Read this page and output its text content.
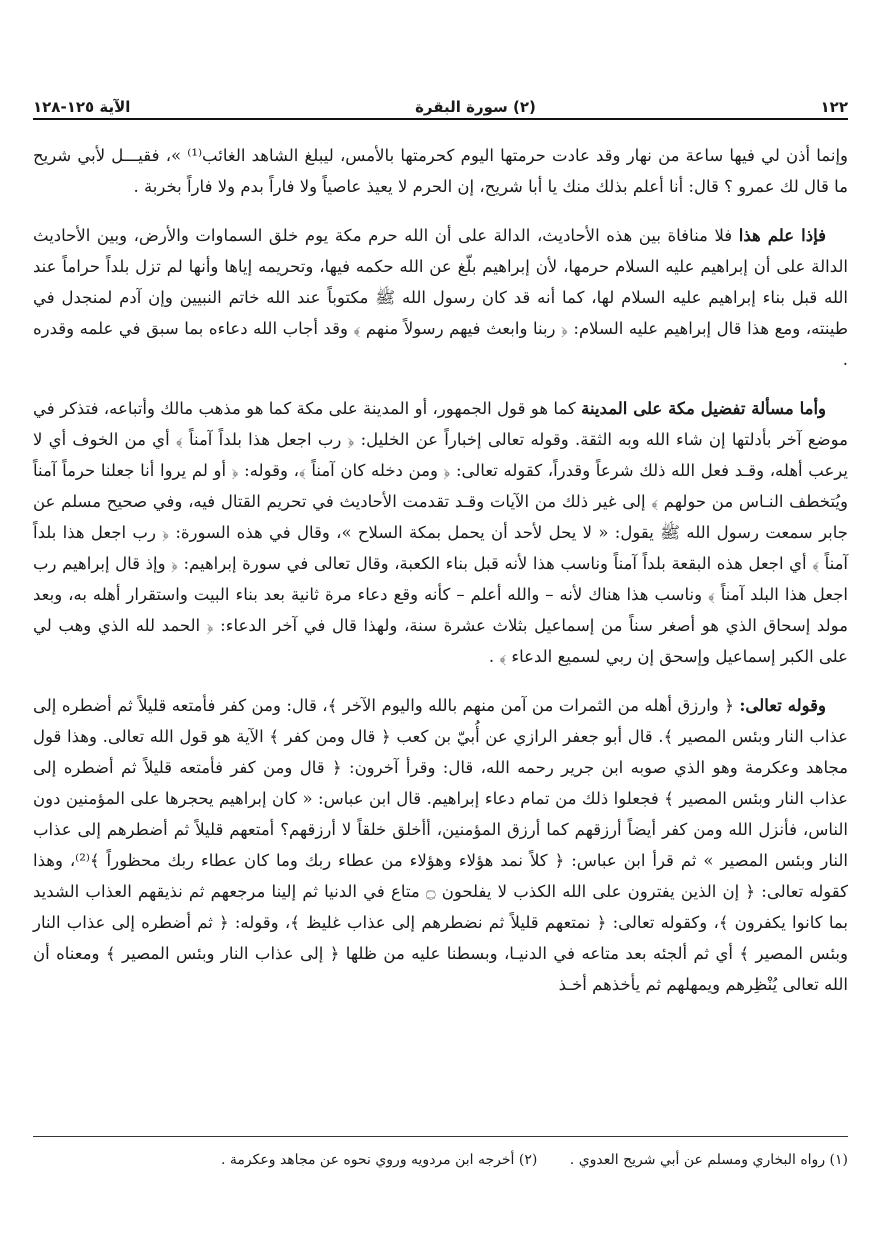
١٢٢
(٢) سورة البقرة
الآية ١٢٥-١٢٨

وإنما أذن لي فيها ساعة من نهار وقد عادت حرمتها اليوم كحرمتها بالأمس، ليبلغ الشاهد الغائب⁽¹⁾ »، فقيـــل لأبي شريح ما قال لك عمرو ؟ قال: أنا أعلم بذلك منك يا أبا شريح، إن الحرم لا يعيذ عاصياً ولا فاراً بدم ولا فاراً بخربة .

فإذا علم هذا فلا منافاة بين هذه الأحاديث، الدالة على أن الله حرم مكة يوم خلق السماوات والأرض، وبين الأحاديث الدالة على أن إبراهيم عليه السلام حرمها، لأن إبراهيم بلّغ عن الله حكمه فيها، وتحريمه إياها وأنها لم تزل بلداً حراماً عند الله قبل بناء إبراهيم عليه السلام لها، كما أنه قد كان رسول الله ﷺ مكتوباً عند الله خاتم النبيين وإن آدم لمنجدل في طينته، ومع هذا قال إبراهيم عليه السلام: ﴿ ربنا وابعث فيهم رسولاً منهم ﴾ وقد أجاب الله دعاءه بما سبق في علمه وقدره .

وأما مسألة تفضيل مكة على المدينة كما هو قول الجمهور، أو المدينة على مكة كما هو مذهب مالك وأتباعه، فتذكر في موضع آخر بأدلتها إن شاء الله وبه الثقة. وقوله تعالى إخباراً عن الخليل: ﴿ رب اجعل هذا بلداً آمناً ﴾ أي من الخوف أي لا يرعب أهله، وقـد فعل الله ذلك شرعاً وقدراً، كقوله تعالى: ﴿ ومن دخله كان آمناً ﴾، وقوله: ﴿ أو لم يروا أنا جعلنا حرماً آمناً ويُتخطف النـاس من حولهم ﴾ إلى غير ذلك من الآيات وقـد تقدمت الأحاديث في تحريم القتال فيه، وفي صحيح مسلم عن جابر سمعت رسول الله ﷺ يقول: « لا يحل لأحد أن يحمل بمكة السلاح »، وقال في هذه السورة: ﴿ رب اجعل هذا بلداً آمناً ﴾ أي اجعل هذه البقعة بلداً آمناً وناسب هذا لأنه قبل بناء الكعبة، وقال تعالى في سورة إبراهيم: ﴿ وإذ قال إبراهيم رب اجعل هذا البلد آمناً ﴾ وناسب هذا هناك لأنه – والله أعلم – كأنه وقع دعاء مرة ثانية بعد بناء البيت واستقرار أهله به، وبعد مولد إسحاق الذي هو أصغر سناً من إسماعيل بثلاث عشرة سنة، ولهذا قال في آخر الدعاء: ﴿ الحمد لله الذي وهب لي على الكبر إسماعيل وإسحق إن ربي لسميع الدعاء ﴾ .

وقوله تعالى: ﴿ وارزق أهله من الثمرات من آمن منهم بالله واليوم الآخر ﴾، قال: ومن كفر فأمتعه قليلاً ثم أضطره إلى عذاب النار وبئس المصير ﴾. قال أبو جعفر الرازي عن أُبيّ بن كعب ﴿ قال ومن كفر ﴾ الآية هو قول الله تعالى. وهذا قول مجاهد وعكرمة وهو الذي صوبه ابن جرير رحمه الله، قال: وقرأ آخرون: ﴿ قال ومن كفر فأمتعه قليلاً ثم أضطره إلى عذاب النار وبئس المصير ﴾ فجعلوا ذلك من تمام دعاء إبراهيم. قال ابن عباس: « كان إبراهيم يحجرها على المؤمنين دون الناس، فأنزل الله ومن كفر أيضاً أرزقهم كما أرزق المؤمنين، أأخلق خلقاً لا أرزقهم؟ أمتعهم قليلاً ثم أضطرهم إلى عذاب النار وبئس المصير » ثم قرأ ابن عباس: ﴿ كلاً نمد هؤلاء وهؤلاء من عطاء ربك وما كان عطاء ربك محظوراً ﴾⁽²⁾، وهذا كقوله تعالى: ﴿ إن الذين يفترون على الله الكذب لا يفلحون ۝ متاع في الدنيا ثم إلينا مرجعهم ثم نذيقهم العذاب الشديد بما كانوا يكفرون ﴾، وكقوله تعالى: ﴿ نمتعهم قليلاً ثم نضطرهم إلى عذاب غليظ ﴾، وقوله: ﴿ ثم أضطره إلى عذاب النار وبئس المصير ﴾ أي ثم ألجئه بعد متاعه في الدنيـا، وبسطنا عليه من ظلها ﴿ إلى عذاب النار وبئس المصير ﴾ ومعناه أن الله تعالى يُنْظِرهم ويمهلهم ثم يأخذهم أخـذ

(١) رواه البخاري ومسلم عن أبي شريح العدوي . (٢) أخرجه ابن مردويه وروي نحوه عن مجاهد وعكرمة .
